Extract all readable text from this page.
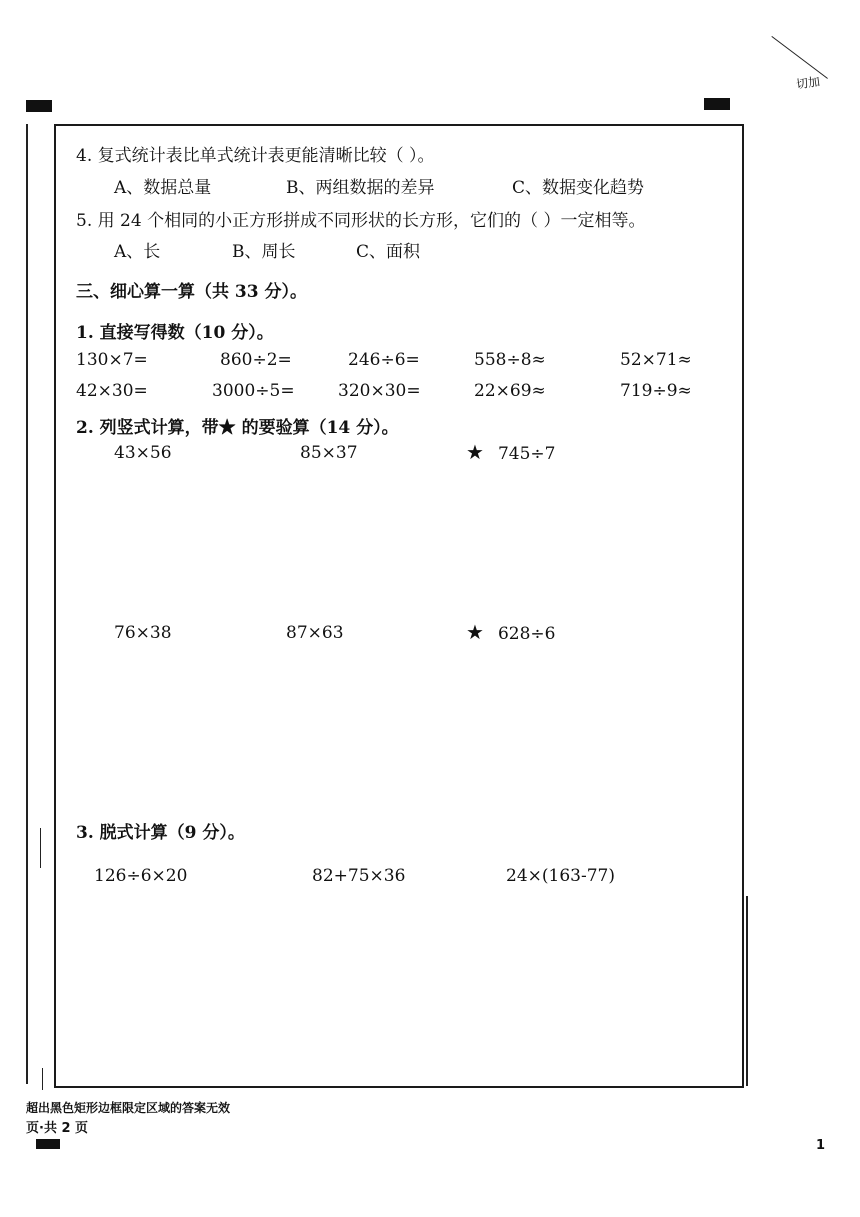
切加
4. 复式统计表比单式统计表更能清晰比较（ ）。
A、数据总量	B、两组数据的差异	C、数据变化趋势
5. 用 24 个相同的小正方形拼成不同形状的长方形，它们的（ ）一定相等。
A、长	B、周长	C、面积
三、细心算一算（共 33 分）。
1. 直接写得数（10 分）。
130×7=	860÷2=	246÷6=	558÷8≈	52×71≈
42×30=	3000÷5=	320×30=	22×69≈	719÷9≈
2. 列竖式计算，带★ 的要验算（14 分）。
43×56	85×37	★ 745÷7
76×38	87×63	★ 628÷6
3. 脱式计算（9 分）。
126÷6×20	82+75×36	24×(163-77)
超出黑色矩形边框限定区域的答案无效
页·共 2 页
1
